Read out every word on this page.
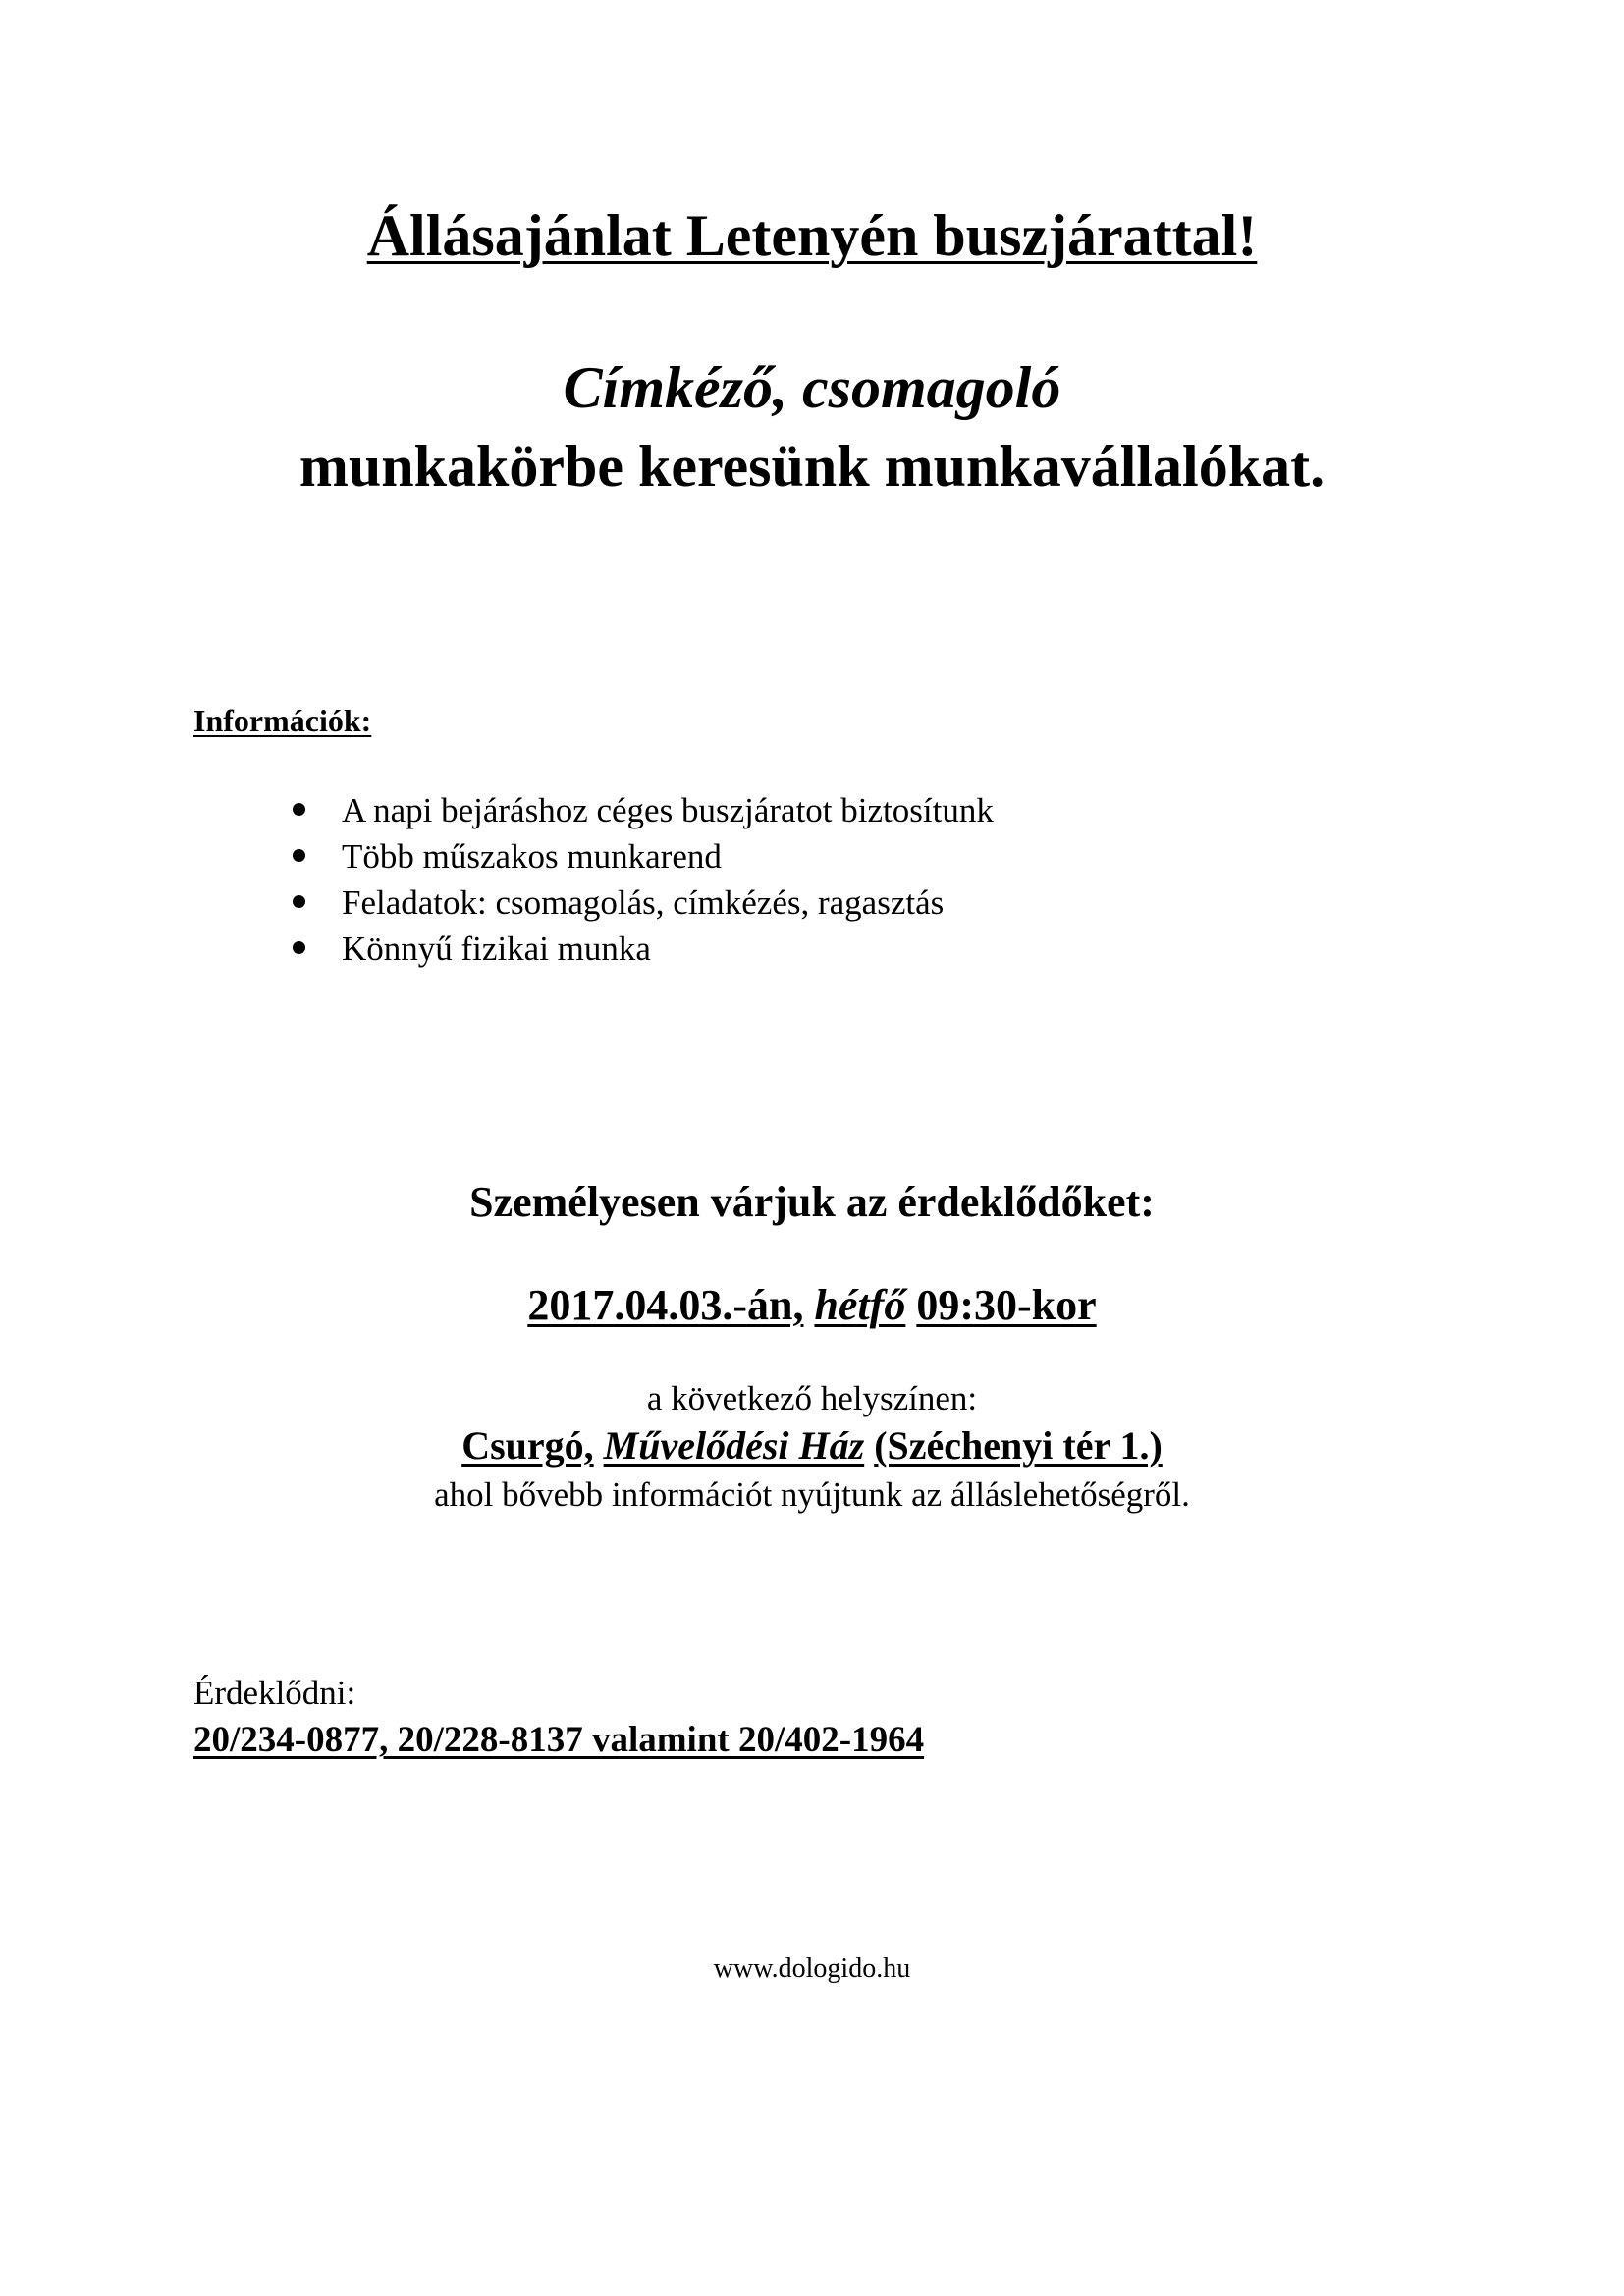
Állásajánlat Letenyén buszjárattal!
Címkéző, csomagoló
munkakörbe keresünk munkavállalókat.
Információk:
A napi bejáráshoz céges buszjáratot biztosítunk
Több műszakos munkarend
Feladatok: csomagolás, címkézés, ragasztás
Könnyű fizikai munka
Személyesen várjuk az érdeklődőket:
2017.04.03.-án, hétfő 09:30-kor
a következő helyszínen:
Csurgó, Művelődési Ház (Széchenyi tér 1.)
ahol bővebb információt nyújtunk az álláslehetőségről.
Érdeklődni:
20/234-0877, 20/228-8137 valamint 20/402-1964
www.dologido.hu
